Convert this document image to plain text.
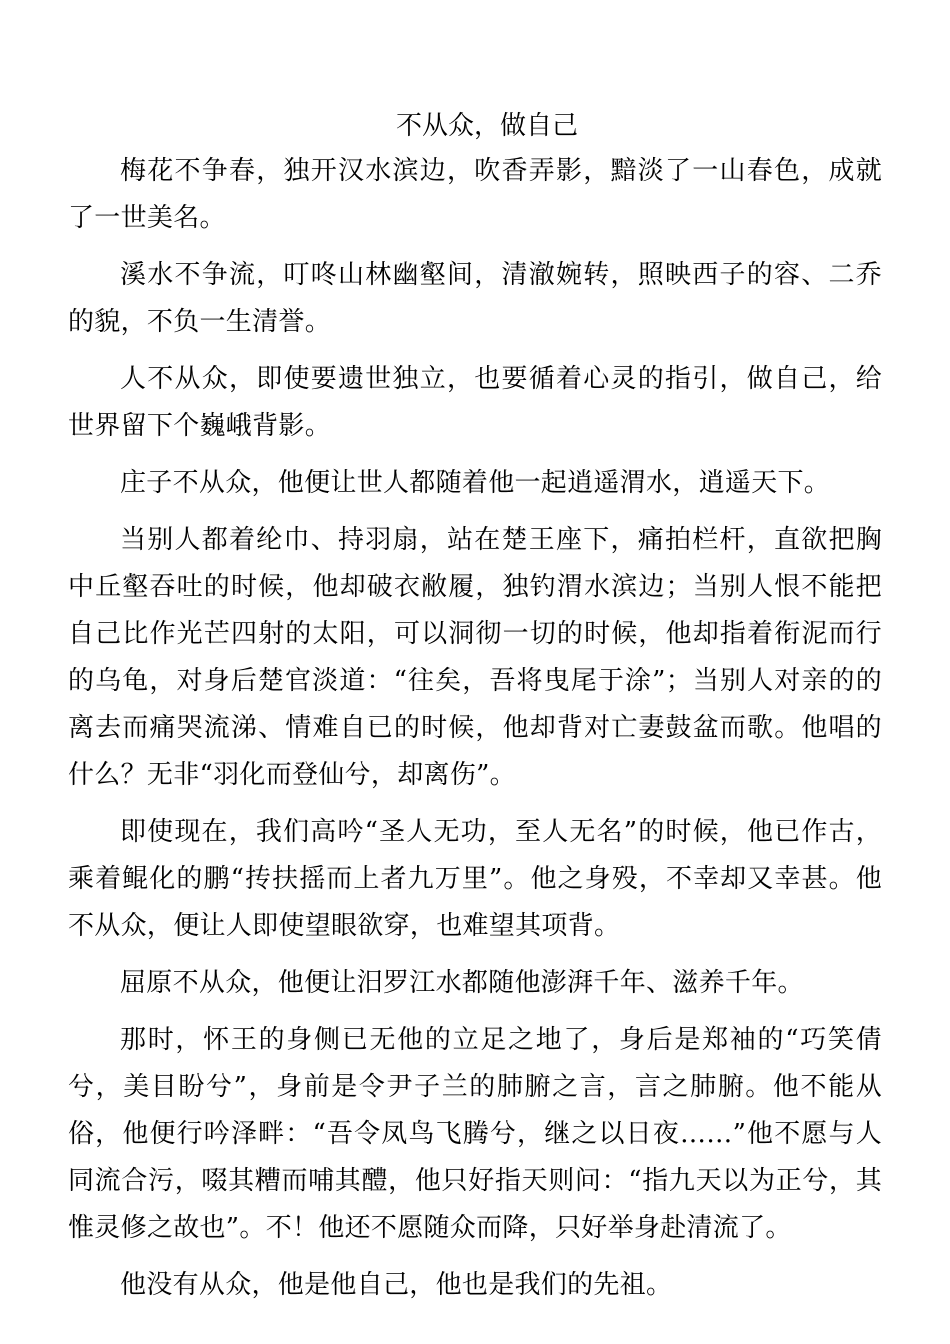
不从众，做自己

梅花不争春，独开汉水滨边，吹香弄影，黯淡了一山春色，成就了一世美名。

溪水不争流，叮咚山林幽壑间，清澈婉转，照映西子的容、二乔的貌，不负一生清誉。

人不从众，即使要遗世独立，也要循着心灵的指引，做自己，给世界留下个巍峨背影。

庄子不从众，他便让世人都随着他一起逍遥渭水，逍遥天下。

当别人都着纶巾、持羽扇，站在楚王座下，痛拍栏杆，直欲把胸中丘壑吞吐的时候，他却破衣敝履，独钓渭水滨边；当别人恨不能把自己比作光芒四射的太阳，可以洞彻一切的时候，他却指着衔泥而行的乌龟，对身后楚官淡道：“往矣，吾将曳尾于涂”；当别人对亲的的离去而痛哭流涕、情难自已的时候，他却背对亡妻鼓盆而歌。他唱的什么？无非“羽化而登仙兮，却离伤”。

即使现在，我们高吟“圣人无功，至人无名”的时候，他已作古，乘着鲲化的鹏“抟扶摇而上者九万里”。他之身殁，不幸却又幸甚。他不从众，便让人即使望眼欲穿，也难望其项背。

屈原不从众，他便让汨罗江水都随他澎湃千年、滋养千年。

那时，怀王的身侧已无他的立足之地了，身后是郑袖的“巧笑倩兮，美目盼兮”，身前是令尹子兰的肺腑之言，言之肺腑。他不能从俗，他便行吟泽畔：“吾令凤鸟飞腾兮，继之以日夜……”他不愿与人同流合污，啜其糟而哺其醴，他只好指天则问：“指九天以为正兮，其惟灵修之故也”。不！他还不愿随众而降，只好举身赴清流了。

他没有从众，他是他自己，他也是我们的先祖。
